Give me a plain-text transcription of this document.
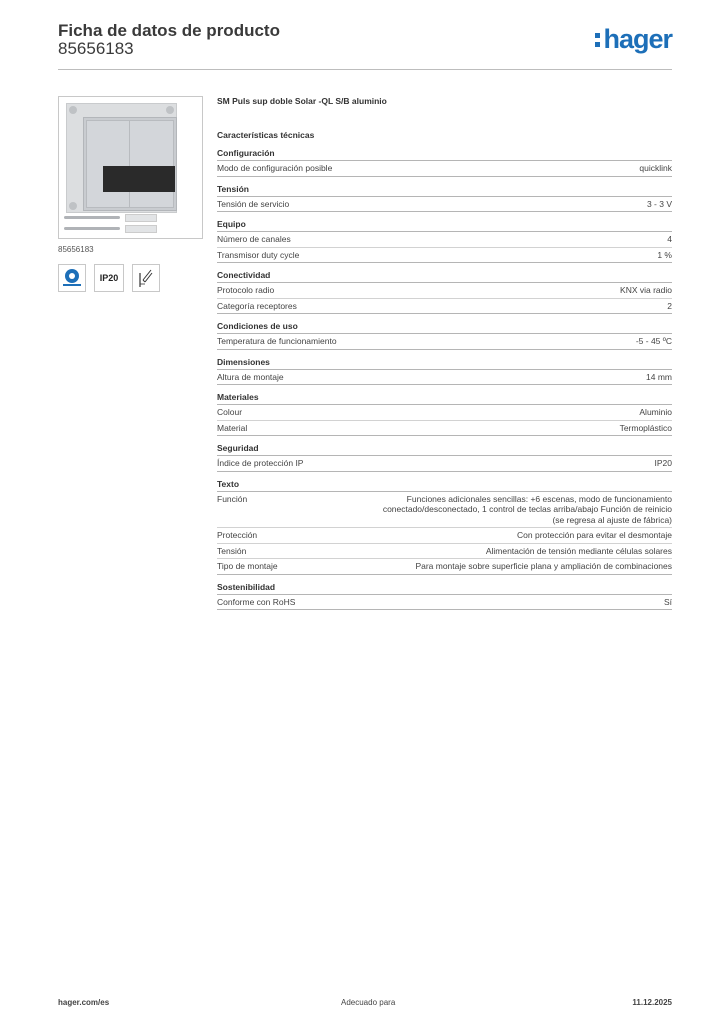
Ficha de datos de producto
85656183	hager
85656183
IP20
SM Puls sup doble Solar -QL S/B aluminio
Características técnicas
Configuración
Modo de configuración posible	quicklink
Tensión
Tensión de servicio	3 - 3 V
Equipo
Número de canales	4
Transmisor duty cycle	1 %
Conectividad
Protocolo radio	KNX via radio
Categoría receptores	2
Condiciones de uso
Temperatura de funcionamiento	-5 - 45 ºC
Dimensiones
Altura de montaje	14 mm
Materiales
Colour	Aluminio
Material	Termoplástico
Seguridad
Índice de protección IP	IP20
Texto
Función	Funciones adicionales sencillas: +6 escenas, modo de funcionamiento conectado/desconectado, 1 control de teclas arriba/abajo Función de reinicio (se regresa al ajuste de fábrica)
Protección	Con protección para evitar el desmontaje
Tensión	Alimentación de tensión mediante células solares
Tipo de montaje	Para montaje sobre superficie plana y ampliación de combinaciones
Sostenibilidad
Conforme con RoHS	Sí
hager.com/es	Adecuado para	11.12.2025
